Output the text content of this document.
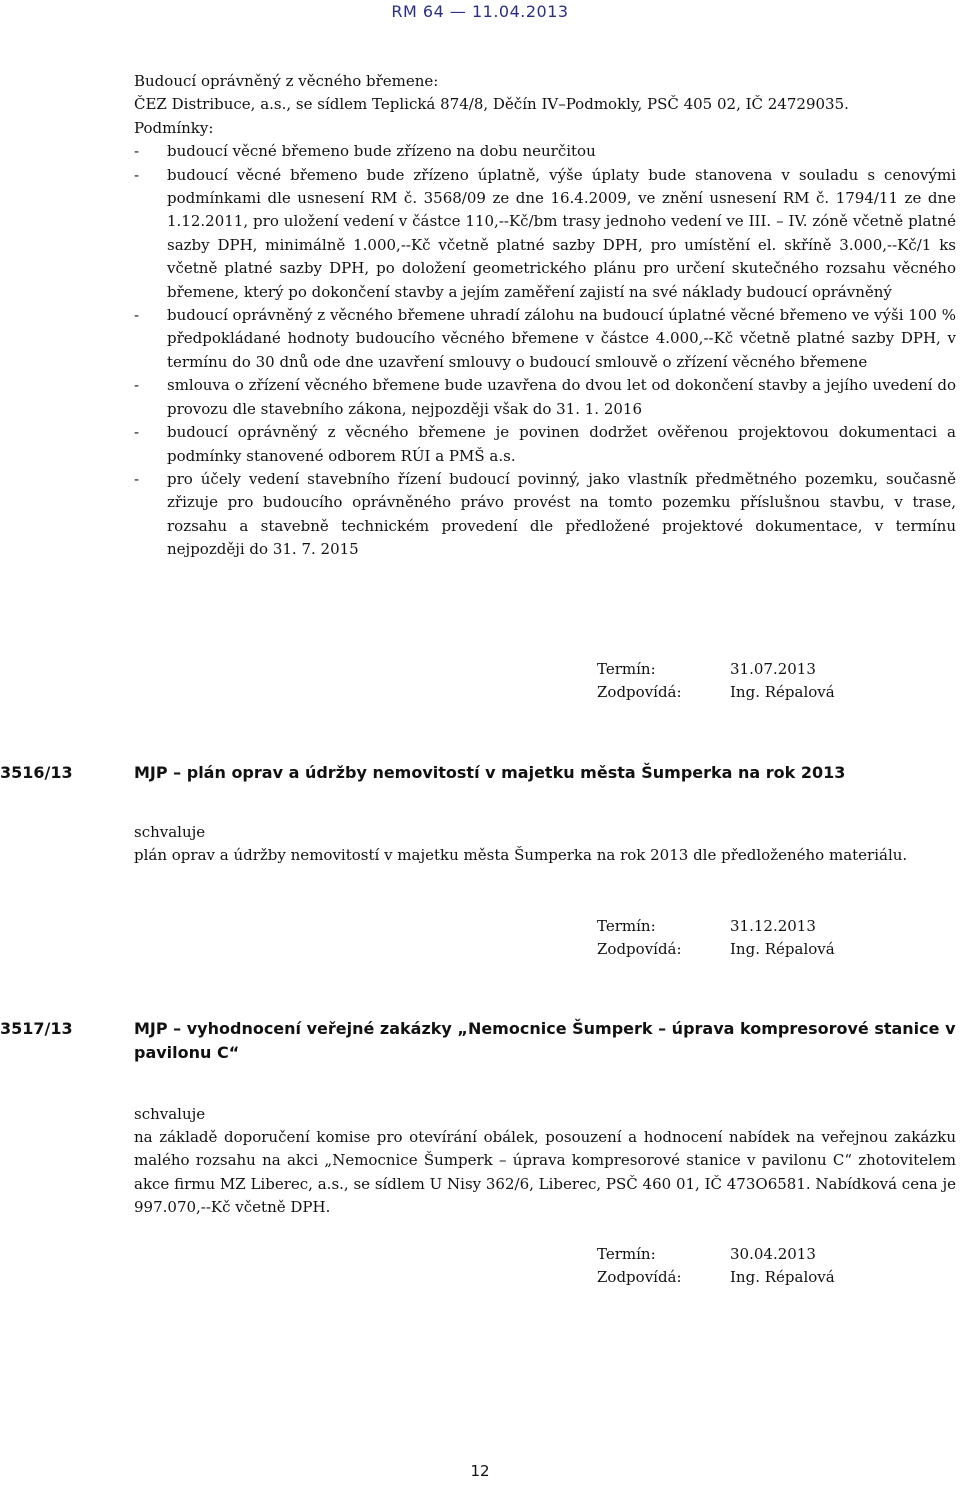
RM 64 — 11.04.2013

Budoucí oprávněný z věcného břemene:

ČEZ Distribuce, a.s., se sídlem Teplická 874/8, Děčín IV–Podmokly, PSČ 405 02, IČ 24729035.

Podmínky:

- budoucí věcné břemeno bude zřízeno na dobu neurčitou
- budoucí věcné břemeno bude zřízeno úplatně, výše úplaty bude stanovena v souladu s cenovými podmínkami dle usnesení RM č. 3568/09 ze dne 16.4.2009, ve znění usnesení RM č. 1794/11 ze dne 1.12.2011, pro uložení vedení v částce 110,--Kč/bm trasy jednoho vedení ve III. – IV. zóně včetně platné sazby DPH, minimálně 1.000,--Kč včetně platné sazby DPH, pro umístění el. skříně 3.000,--Kč/1 ks včetně platné sazby DPH, po doložení geometrického plánu pro určení skutečného rozsahu věcného břemene, který po dokončení stavby a jejím zaměření zajistí na své náklady budoucí oprávněný
- budoucí oprávněný z věcného břemene uhradí zálohu na budoucí úplatné věcné břemeno ve výši 100 % předpokládané hodnoty budoucího věcného břemene v částce 4.000,--Kč včetně platné sazby DPH, v termínu do 30 dnů ode dne uzavření smlouvy o budoucí smlouvě o zřízení věcného břemene
- smlouva o zřízení věcného břemene bude uzavřena do dvou let od dokončení stavby a jejího uvedení do provozu dle stavebního zákona, nejpozději však do 31. 1. 2016
- budoucí oprávněný z věcného břemene je povinen dodržet ověřenou projektovou dokumentaci a podmínky stanovené odborem RÚI a PMŠ a.s.
- pro účely vedení stavebního řízení budoucí povinný, jako vlastník předmětného pozemku, současně zřizuje pro budoucího oprávněného právo provést na tomto pozemku příslušnou stavbu, v trase, rozsahu a stavebně technickém provedení dle předložené projektové dokumentace, v termínu nejpozději do 31. 7. 2015
Termín:	31.07.2013
Zodpovídá:	Ing. Répalová
3516/13	MJP – plán oprav a údržby nemovitostí v majetku města Šumperka na rok 2013

schvaluje

plán oprav a údržby nemovitostí v majetku města Šumperka na rok 2013 dle předloženého materiálu.

Termín:	31.12.2013
Zodpovídá:	Ing. Répalová
3517/13	MJP – vyhodnocení veřejné zakázky „Nemocnice Šumperk – úprava kompresorové stanice v pavilonu C“

schvaluje

na základě doporučení komise pro otevírání obálek, posouzení a hodnocení nabídek na veřejnou zakázku malého rozsahu na akci „Nemocnice Šumperk – úprava kompresorové stanice v pavilonu C“ zhotovitelem akce firmu MZ Liberec, a.s., se sídlem U Nisy 362/6, Liberec, PSČ 460 01, IČ 473O6581. Nabídková cena je 997.070,--Kč včetně DPH.

Termín:	30.04.2013
Zodpovídá:	Ing. Répalová
12
